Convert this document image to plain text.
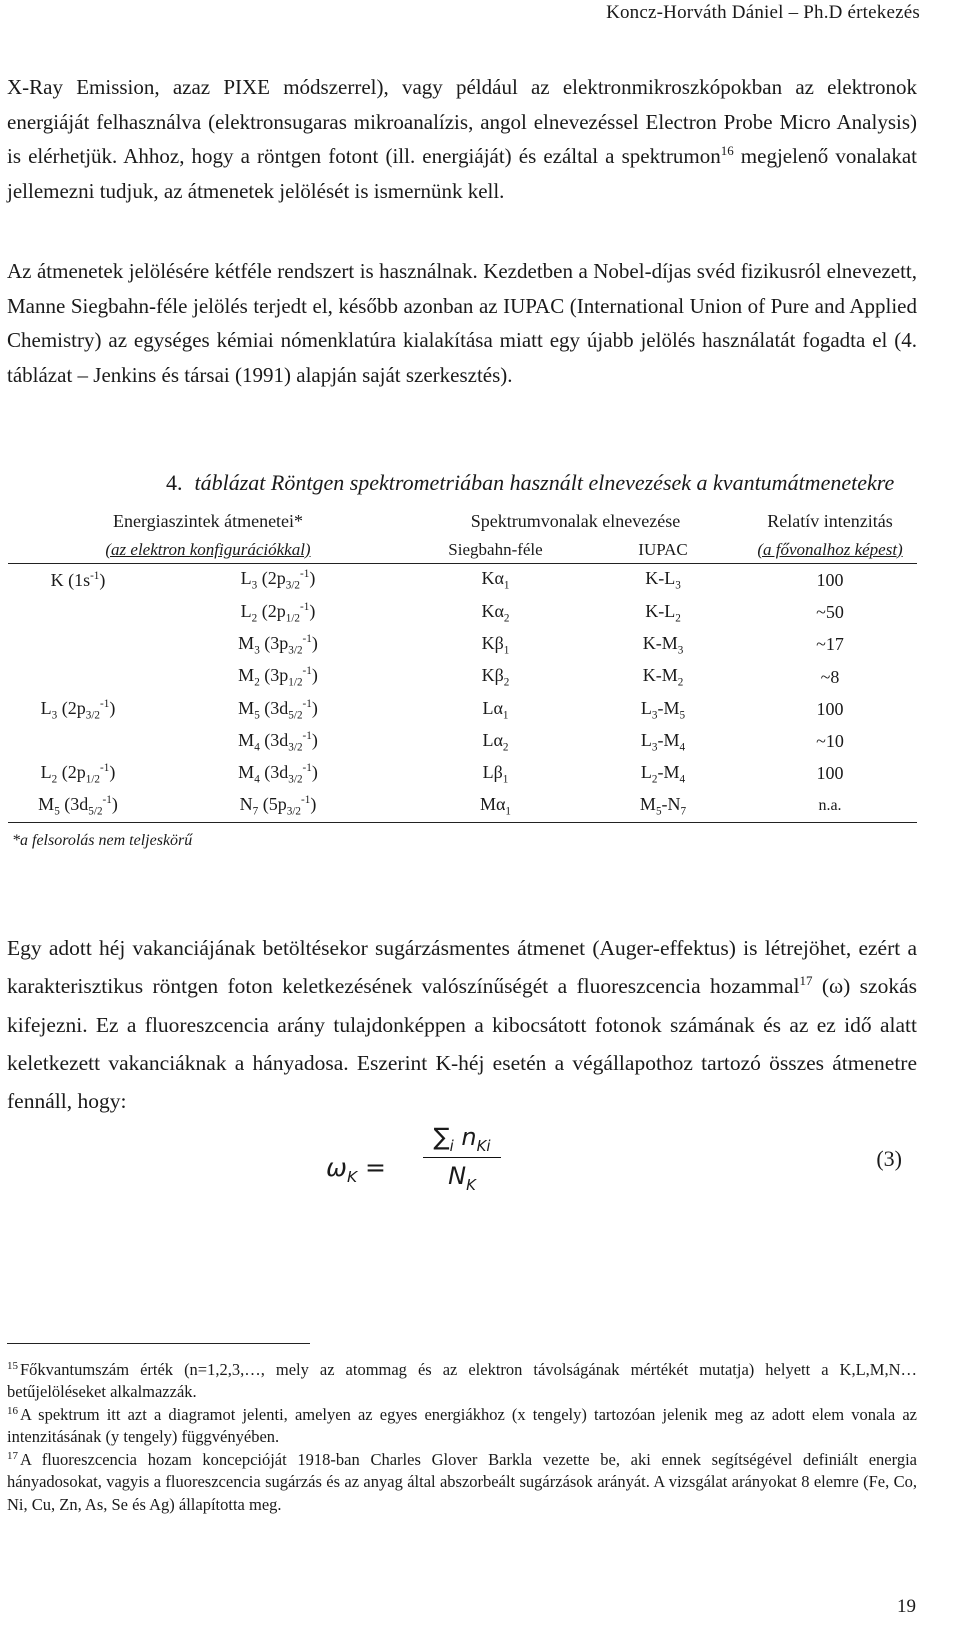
Koncz-Horváth Dániel – Ph.D értekezés

X-Ray Emission, azaz PIXE módszerrel), vagy például az elektronmikroszkópokban az elektronok energiáját felhasználva (elektronsugaras mikroanalízis, angol elnevezéssel Electron Probe Micro Analysis) is elérhetjük. Ahhoz, hogy a röntgen fotont (ill. energiáját) és ezáltal a spektrumon$^{16}$ megjelenő vonalakat jellemezni tudjuk, az átmenetek jelölését is ismernünk kell.

Az átmenetek jelölésére kétféle rendszert is használnak. Kezdetben a Nobel-díjas svéd fizikusról elnevezett, Manne Siegbahn-féle jelölés terjedt el, később azonban az IUPAC (International Union of Pure and Applied Chemistry) az egységes kémiai nómenklatúra kialakítása miatt egy újabb jelölés használatát fogadta el (4. táblázat – Jenkins és társai (1991) alapján saját szerkesztés).

4. táblázat Röntgen spektrometriában használt elnevezések a kvantumátmenetekre
Energiaszintek átmenetei*		Spektrumvonalak elnevezése		Relatív intenzitás
(az elektron konfigurációkkal)		Siegbahn-féle	IUPAC	(a fővonalhoz képest)
K $(1s^{-1})$	$L_3$ $(2p_{3/2}^{-1})$	$K\alpha_1$	$K-L_3$	100
	$L_2$ $(2p_{1/2}^{-1})$	$K\alpha_2$	$K-L_2$	~50
	$M_3$ $(3p_{3/2}^{-1})$	$K\beta_1$	$K-M_3$	~17
	$M_2$ $(3p_{1/2}^{-1})$	$K\beta_2$	$K-M_2$	~8
$L_3$ $(2p_{3/2}^{-1})$	$M_5$ $(3d_{5/2}^{-1})$	$L\alpha_1$	$L_3-M_5$	100
	$M_4$ $(3d_{3/2}^{-1})$	$L\alpha_2$	$L_3-M_4$	~10
$L_2$ $(2p_{1/2}^{-1})$	$M_4$ $(3d_{3/2}^{-1})$	$L\beta_1$	$L_2-M_4$	100
$M_5$ $(3d_{5/2}^{-1})$	$N_7$ $(5p_{3/2}^{-1})$	$M\alpha_1$	$M_5-N_7$	n.a.
*a felsorolás nem teljeskörű

Egy adott héj vakanciájának betöltésekor sugárzásmentes átmenet (Auger-effektus) is létrejöhet, ezért a karakterisztikus röntgen foton keletkezésének valószínűségét a fluoreszcencia hozammal$^{17}$ (ω) szokás kifejezni. Ez a fluoreszcencia arány tulajdonképpen a kibocsátott fotonok számának és az ez idő alatt keletkezett vakanciáknak a hányadosa. Eszerint K-héj esetén a végállapothoz tartozó összes átmenetre fennáll, hogy:

$\omega_K$ =
$\sum_i$ $n_{Ki}$
$N_K$
(3)

$^{15}$ Főkvantumszám érték (n=1,2,3,…, mely az atommag és az elektron távolságának mértékét mutatja) helyett a K,L,M,N… betűjelöléseket alkalmazzák.

$^{16}$ A spektrum itt azt a diagramot jelenti, amelyen az egyes energiákhoz (x tengely) tartozóan jelenik meg az adott elem vonala az intenzitásának (y tengely) függvényében.

$^{17}$ A fluoreszcencia hozam koncepcióját 1918-ban Charles Glover Barkla vezette be, aki ennek segítségével definiált energia hányadosokat, vagyis a fluoreszcencia sugárzás és az anyag által abszorbeált sugárzások arányát. A vizsgálat arányokat 8 elemre (Fe, Co, Ni, Cu, Zn, As, Se és Ag) állapította meg.

19
